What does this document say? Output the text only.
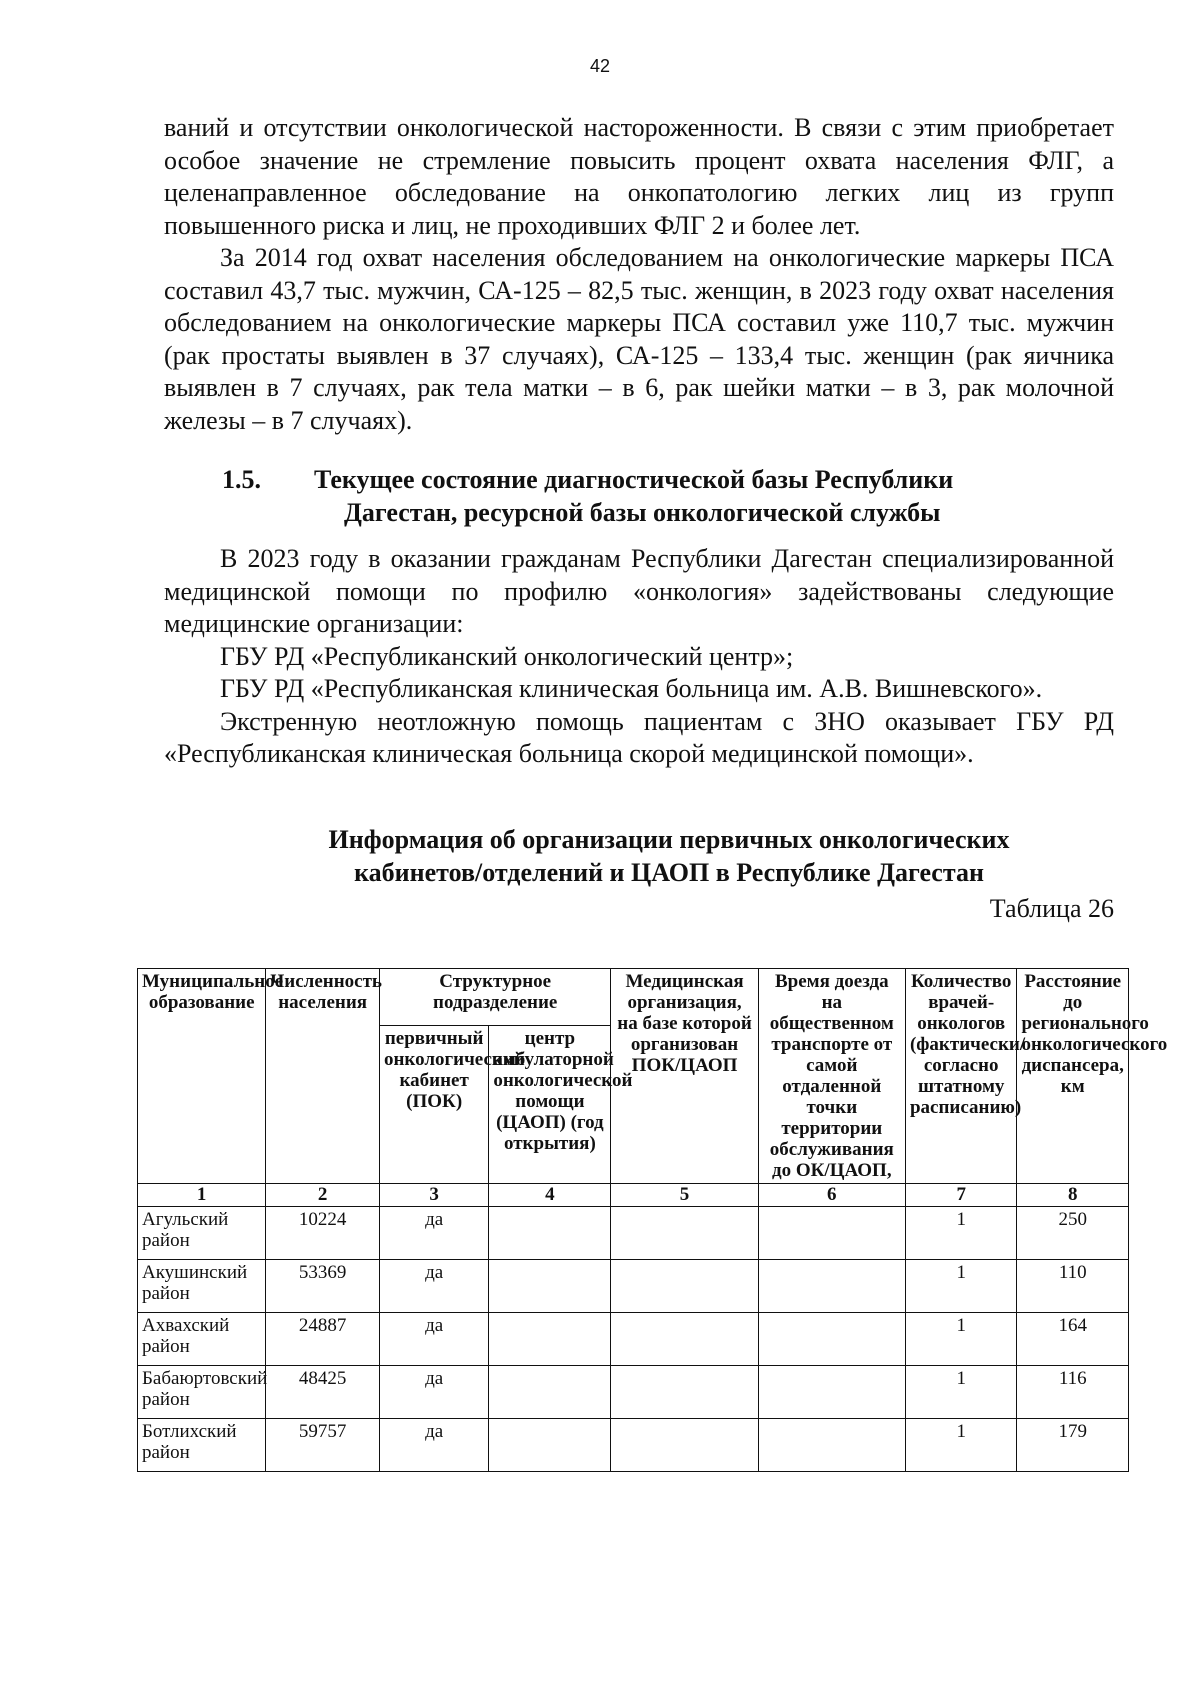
42

ваний и отсутствии онкологической настороженности. В связи с этим приобретает особое значение не стремление повысить процент охвата населения ФЛГ, а целенаправленное обследование на онкопатологию легких лиц из групп повышенного риска и лиц, не проходивших ФЛГ 2 и более лет.

За 2014 год охват населения обследованием на онкологические маркеры ПСА составил 43,7 тыс. мужчин, СА-125 – 82,5 тыс. женщин, в 2023 году охват населения обследованием на онкологические маркеры ПСА составил уже 110,7 тыс. мужчин (рак простаты выявлен в 37 случаях), СА-125 – 133,4 тыс. женщин (рак яичника выявлен в 7 случаях, рак тела матки – в 6, рак шейки матки – в 3, рак молочной железы – в 7 случаях).

1.5. Текущее состояние диагностической базы Республики
Дагестан, ресурсной базы онкологической службы

В 2023 году в оказании гражданам Республики Дагестан специализированной медицинской помощи по профилю «онкология» задействованы следующие медицинские организации:

ГБУ РД «Республиканский онкологический центр»;

ГБУ РД «Республиканская клиническая больница им. А.В. Вишневского».

Экстренную неотложную помощь пациентам с ЗНО оказывает ГБУ РД «Республиканская клиническая больница скорой медицинской помощи».

Информация об организации первичных онкологических
кабинетов/отделений и ЦАОП в Республике Дагестан
Таблица 26
Муниципальное образование	Численность населения	Структурное подразделение		Медицинская организация, на базе которой организован ПОК/ЦАОП	Время доезда на общественном транспорте от самой отдаленной точки территории обслуживания до ОК/ЦАОП,	Количество врачей-онкологов (фактически/ согласно штатному расписанию)	Расстояние до регионального онкологического диспансера, км
		первичный онкологический кабинет (ПОК)	центр амбулаторной онкологической помощи (ЦАОП) (год открытия)				
1	2	3	4	5	6	7	8
Агульский район	10224	да				1	250
Акушинский район	53369	да				1	110
Ахвахский район	24887	да				1	164
Бабаюртовский район	48425	да				1	116
Ботлихский район	59757	да				1	179
